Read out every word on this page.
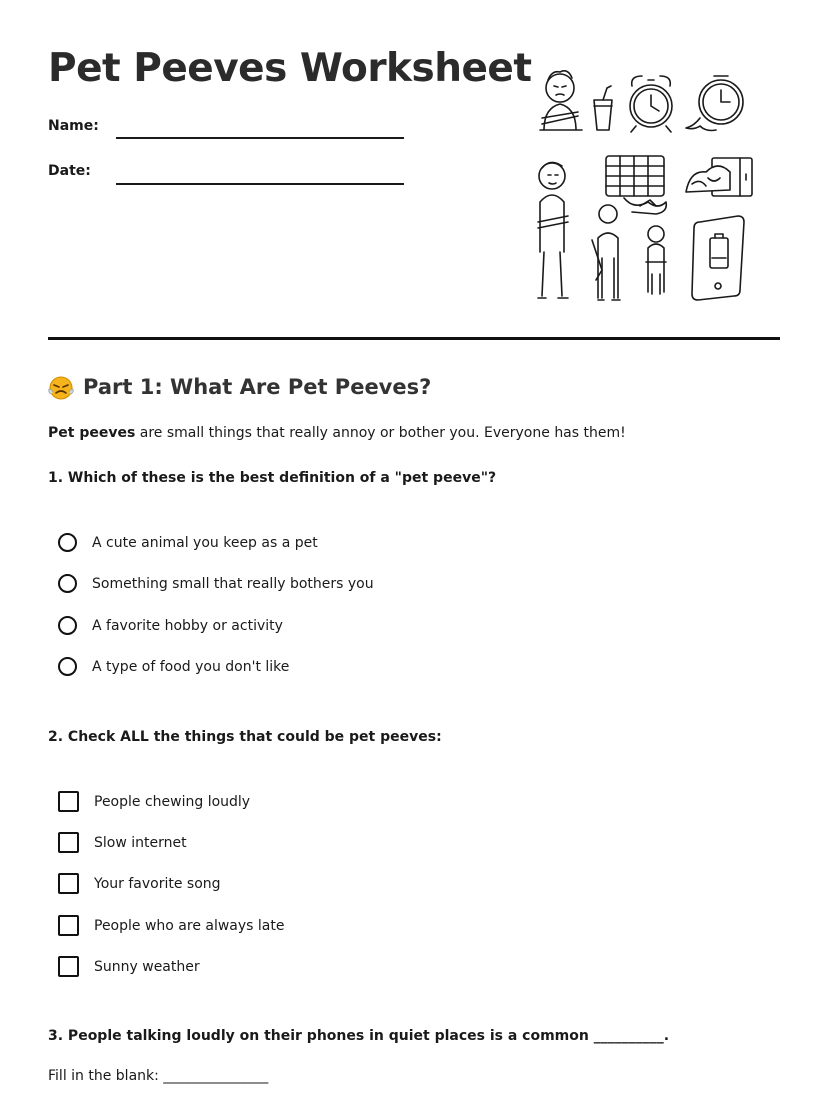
Pet Peeves Worksheet
Name:
Date:
Part 1: What Are Pet Peeves?
Pet peeves are small things that really annoy or bother you. Everyone has them!
1. Which of these is the best definition of a "pet peeve"?
A cute animal you keep as a pet
Something small that really bothers you
A favorite hobby or activity
A type of food you don't like
2. Check ALL the things that could be pet peeves:
People chewing loudly
Slow internet
Your favorite song
People who are always late
Sunny weather
3. People talking loudly on their phones in quiet places is a common __________.
Fill in the blank: _______________
